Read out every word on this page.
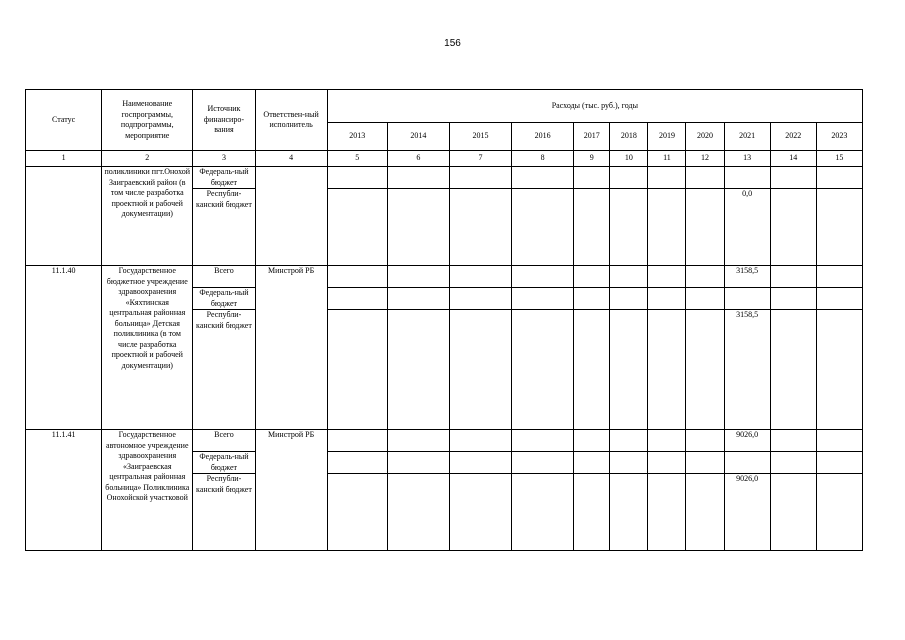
156
Статус	Наименование госпрограммы, подпрограммы, мероприятие	Источник финансиро-вания	Ответствен-ный исполнитель	Расходы (тыс. руб.), годы										
				2013	2014	2015	2016	2017	2018	2019	2020	2021	2022	2023
1	2	3	4	5	6	7	8	9	10	11	12	13	14	15
	поликлиники пгт.Онохой Заиграевский район (в том числе разработка проектной и рабочей документации)	Федераль-ный бюджет												
		Республи-канский бюджет										0,0		
11.1.40	Государственное бюджетное учреждение здравоохранения «Кяхтинская центральная районная больница» Детская поликлиника (в том числе разработка проектной и рабочей документации)	Всего	Минстрой РБ									3158,5		
		Федераль-ный бюджет												
		Республи-канский бюджет										3158,5		
11.1.41	Государственное автономное учреждение здравоохранения «Заиграевская центральная районная больница» Поликлиника Онохойской участковой	Всего	Минстрой РБ									9026,0		
		Федераль-ный бюджет												
		Республи-канский бюджет										9026,0		
